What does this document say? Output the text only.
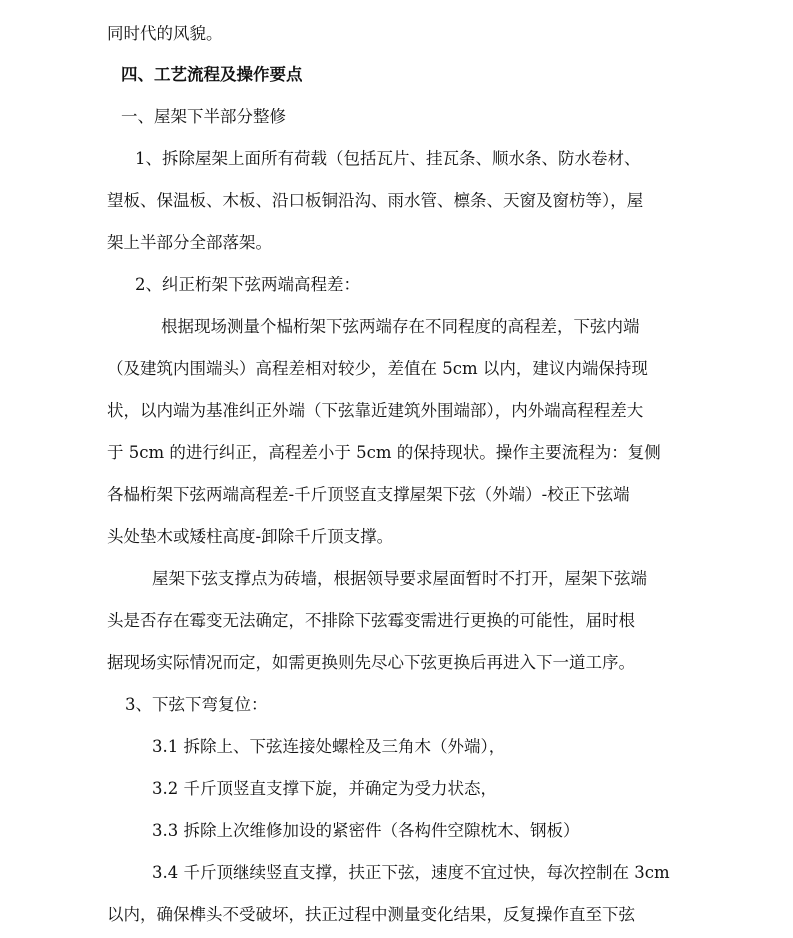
同时代的风貌。
四、工艺流程及操作要点
一、屋架下半部分整修
1、拆除屋架上面所有荷载（包括瓦片、挂瓦条、顺水条、防水卷材、
望板、保温板、木板、沿口板铜沿沟、雨水管、檩条、天窗及窗枋等），屋
架上半部分全部落架。
2、纠正桁架下弦两端高程差：
根据现场测量个榀桁架下弦两端存在不同程度的高程差，下弦内端
（及建筑内围端头）高程差相对较少，差值在 5cm 以内，建议内端保持现
状，以内端为基准纠正外端（下弦靠近建筑外围端部），内外端高程程差大
于 5cm 的进行纠正，高程差小于 5cm 的保持现状。操作主要流程为：复侧
各榀桁架下弦两端高程差-千斤顶竖直支撑屋架下弦（外端）-校正下弦端
头处垫木或矮柱高度-卸除千斤顶支撑。
屋架下弦支撑点为砖墙，根据领导要求屋面暂时不打开，屋架下弦端
头是否存在霉变无法确定，不排除下弦霉变需进行更换的可能性，届时根
据现场实际情况而定，如需更换则先尽心下弦更换后再进入下一道工序。
3、下弦下弯复位：
3.1 拆除上、下弦连接处螺栓及三角木（外端），
3.2 千斤顶竖直支撑下旋，并确定为受力状态，
3.3 拆除上次维修加设的紧密件（各构件空隙枕木、钢板）
3.4 千斤顶继续竖直支撑，扶正下弦，速度不宜过快，每次控制在 3cm
以内，确保榫头不受破坏，扶正过程中测量变化结果，反复操作直至下弦
